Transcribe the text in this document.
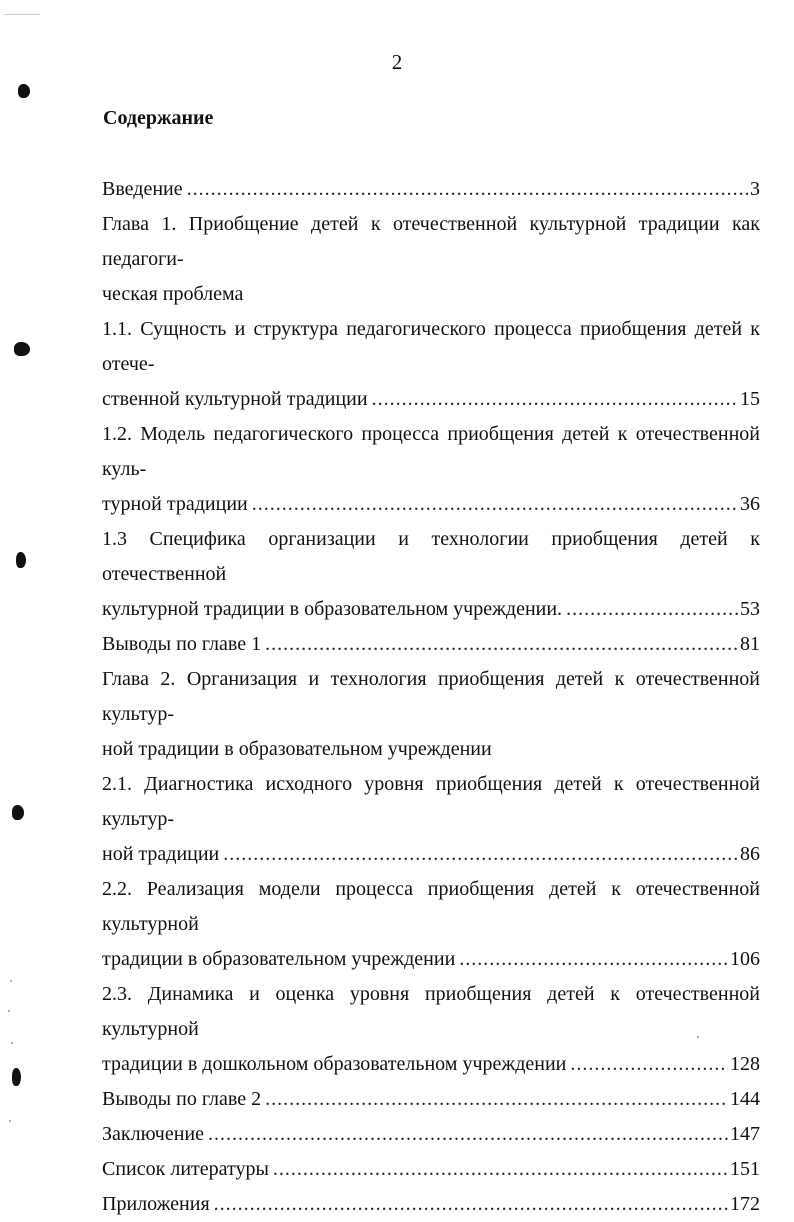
2
Содержание
Введение .....	3
Глава 1. Приобщение детей к отечественной культурной традиции как педагоги-
ческая проблема
1.1. Сущность и структура педагогического процесса приобщения детей к отече-
ственной культурной традиции .....	15
1.2. Модель педагогического процесса приобщения детей к отечественной куль-
турной традиции .....	36
1.3 Специфика организации и технологии приобщения детей к отечественной
культурной традиции в образовательном учреждении. .....	53
Выводы по главе 1 .....	81
Глава 2. Организация и технология приобщения детей к отечественной культур-
ной традиции в образовательном учреждении
2.1. Диагностика исходного уровня приобщения детей к отечественной культур-
ной традиции .....	86
2.2. Реализация модели процесса приобщения детей к отечественной культурной
традиции в образовательном учреждении .....	106
2.3. Динамика и оценка уровня приобщения детей к отечественной культурной
традиции в дошкольном образовательном учреждении .....	128
Выводы по главе 2 .....	144
Заключение .....	147
Список литературы .....	151
Приложения .....	172
